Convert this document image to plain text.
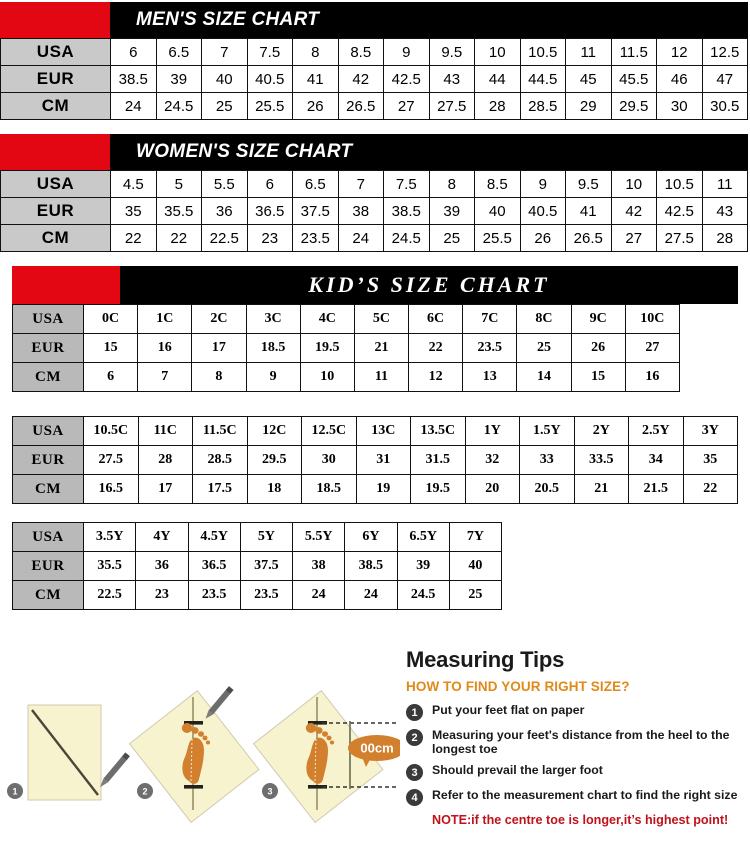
MEN'S SIZE CHART
USA	6	6.5	7	7.5	8	8.5	9	9.5	10	10.5	11	11.5	12	12.5
EUR	38.5	39	40	40.5	41	42	42.5	43	44	44.5	45	45.5	46	47
CM	24	24.5	25	25.5	26	26.5	27	27.5	28	28.5	29	29.5	30	30.5
WOMEN'S SIZE CHART
USA	4.5	5	5.5	6	6.5	7	7.5	8	8.5	9	9.5	10	10.5	11
EUR	35	35.5	36	36.5	37.5	38	38.5	39	40	40.5	41	42	42.5	43
CM	22	22	22.5	23	23.5	24	24.5	25	25.5	26	26.5	27	27.5	28
KID’S SIZE CHART
USA	0C	1C	2C	3C	4C	5C	6C	7C	8C	9C	10C
EUR	15	16	17	18.5	19.5	21	22	23.5	25	26	27
CM	6	7	8	9	10	11	12	13	14	15	16
USA	10.5C	11C	11.5C	12C	12.5C	13C	13.5C	1Y	1.5Y	2Y	2.5Y	3Y
EUR	27.5	28	28.5	29.5	30	31	31.5	32	33	33.5	34	35
CM	16.5	17	17.5	18	18.5	19	19.5	20	20.5	21	21.5	22
USA	3.5Y	4Y	4.5Y	5Y	5.5Y	6Y	6.5Y	7Y
EUR	35.5	36	36.5	37.5	38	38.5	39	40
CM	22.5	23	23.5	23.5	24	24	24.5	25
1	2
00cm
3
Measuring Tips
HOW TO FIND YOUR RIGHT SIZE?
1	Put your feet flat on paper
2	Measuring your feet's distance from the heel to the longest toe
3	Should prevail the larger foot
4	Refer to the measurement chart to find the right size
NOTE:if the centre toe is longer,it’s highest point!
